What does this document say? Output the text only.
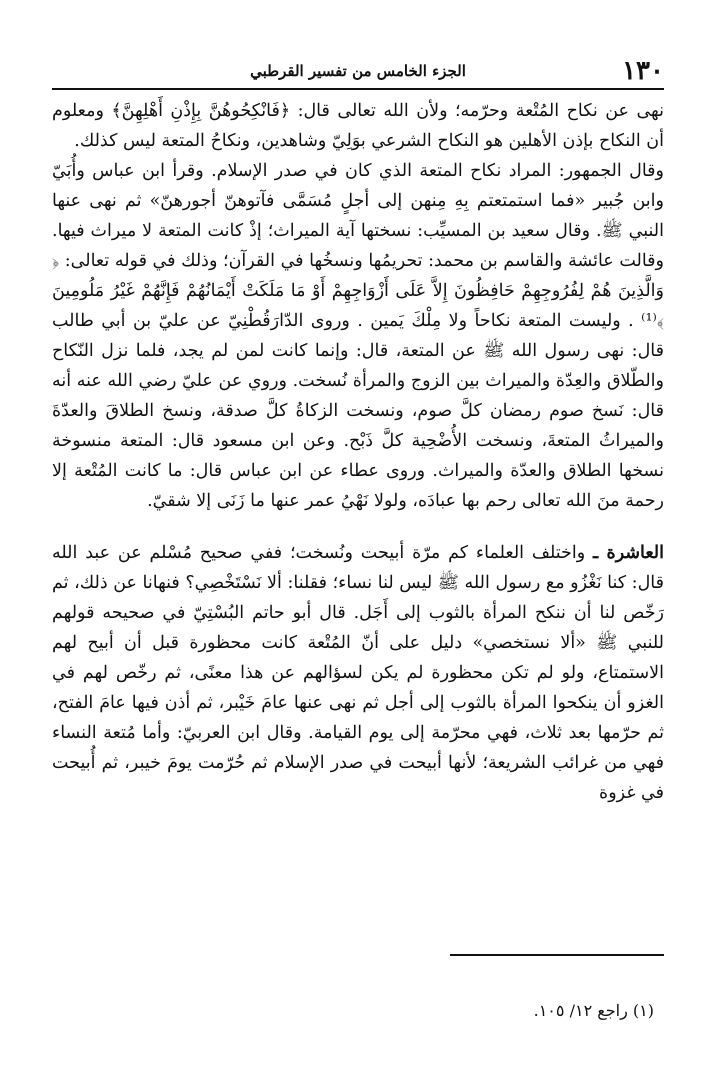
١٣٠
الجزء الخامس من تفسير القرطبي

نهى عن نكاح المُتْعة وحرّمه؛ ولأن الله تعالى قال: ﴿فَانْكِحُوهُنَّ بِإِذْنِ أَهْلِهِنَّ﴾ ومعلوم أن النكاح بإذن الأهلين هو النكاح الشرعي بوَلِيّ وشاهدين، ونكاحُ المتعة ليس كذلك.

وقال الجمهور: المراد نكاح المتعة الذي كان في صدر الإسلام. وقرأ ابن عباس وأُبَيّ وابن جُبير «فما استمتعتم بِهِ مِنهن إلى أجلٍ مُسَمَّى فآتوهنّ أجورهنّ» ثم نهى عنها النبي ﷺ. وقال سعيد بن المسيِّب: نسختها آية الميراث؛ إذْ كانت المتعة لا ميراث فيها. وقالت عائشة والقاسم بن محمد: تحريمُها ونسخُها في القرآن؛ وذلك في قوله تعالى: ﴿ وَالَّذِينَ هُمْ لِفُرُوجِهِمْ حَافِظُونَ إِلاَّ عَلَى أَزْوَاجِهِمْ أَوْ مَا مَلَكَتْ أَيْمَانُهُمْ فَإِنَّهُمْ غَيْرُ مَلُومِينَ ﴾⁽¹⁾ . وليست المتعة نكاحاً ولا مِلْكَ يَمين . وروى الدّارَقُطْنِيّ عن عليّ بن أبي طالب قال: نهى رسول الله ﷺ عن المتعة، قال: وإنما كانت لمن لم يجد، فلما نزل النّكاح والطّلاق والعِدّة والميراث بين الزوج والمرأة نُسخت. وروي عن عليّ رضي الله عنه أنه قال: نَسخ صوم رمضان كلَّ صوم، ونسخت الزكاةُ كلَّ صدقة، ونسخ الطلاقَ والعدّةَ والميراثُ المتعةَ، ونسخت الأُضْحِية كلَّ ذَبْح. وعن ابن مسعود قال: المتعة منسوخة نسخها الطلاق والعدّة والميراث. وروى عطاء عن ابن عباس قال: ما كانت المُتْعة إلا رحمة منَ الله تعالى رحم بها عبادَه، ولولا نَهْيُ عمر عنها ما زَنَى إلا شقيّ.

العاشرة ـ واختلف العلماء كم مرّة أبيحت ونُسخت؛ ففي صحيح مُسْلم عن عبد الله قال: كنا نَغْزُو مع رسول الله ﷺ ليس لنا نساء؛ فقلنا: ألا نَسْتَخْصِي؟ فنهانا عن ذلك، ثم رَخّص لنا أن ننكح المرأة بالثوب إلى أَجَل. قال أبو حاتم البُسْتِيّ في صحيحه قولهم للنبي ﷺ «ألا نستخصي» دليل على أنّ المُتْعة كانت محظورة قبل أن أبيح لهم الاستمتاع، ولو لم تكن محظورة لم يكن لسؤالهم عن هذا معنًى، ثم رخّص لهم في الغزو أن ينكحوا المرأة بالثوب إلى أجل ثم نهى عنها عامَ خَيْبر، ثم أذن فيها عامَ الفتح، ثم حرّمها بعد ثلاث، فهي محرّمة إلى يوم القيامة. وقال ابن العربيّ: وأما مُتعة النساء فهي من غرائب الشريعة؛ لأنها أبيحت في صدر الإسلام ثم حُرّمت يومَ خيبر، ثم أُبيحت في غزوة

(١) راجع ١٢/ ١٠٥.
